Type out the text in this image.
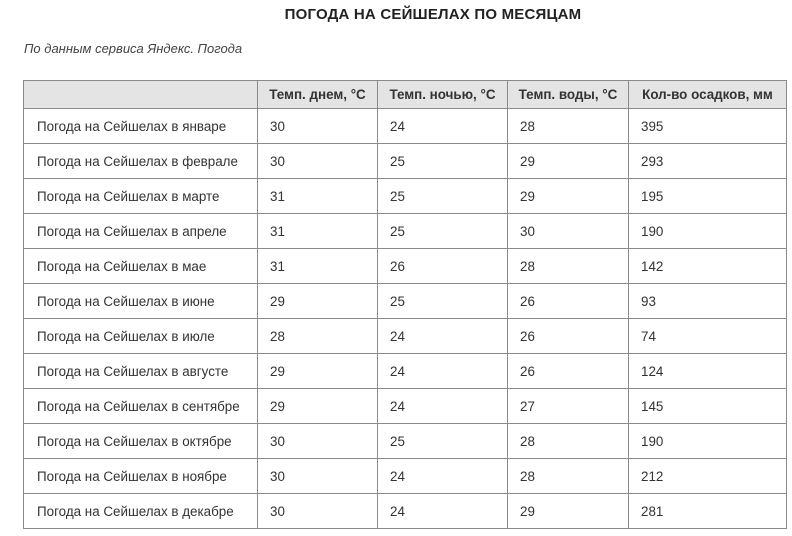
ПОГОДА НА СЕЙШЕЛАХ ПО МЕСЯЦАМ
По данным сервиса Яндекс. Погода
	Темп. днем, °С	Темп. ночью, °С	Темп. воды, °С	Кол-во осадков, мм
Погода на Сейшелах в январе	30	24	28	395
Погода на Сейшелах в феврале	30	25	29	293
Погода на Сейшелах в марте	31	25	29	195
Погода на Сейшелах в апреле	31	25	30	190
Погода на Сейшелах в мае	31	26	28	142
Погода на Сейшелах в июне	29	25	26	93
Погода на Сейшелах в июле	28	24	26	74
Погода на Сейшелах в августе	29	24	26	124
Погода на Сейшелах в сентябре	29	24	27	145
Погода на Сейшелах в октябре	30	25	28	190
Погода на Сейшелах в ноябре	30	24	28	212
Погода на Сейшелах в декабре	30	24	29	281
